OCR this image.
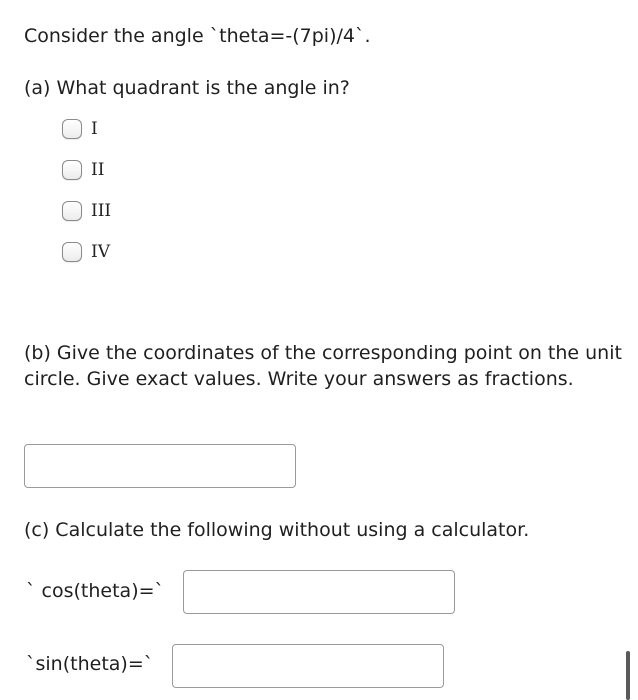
Consider the angle `theta=-(7pi)/4`.
(a) What quadrant is the angle in?
I
II
III
IV
(b) Give the coordinates of the corresponding point on the unit circle. Give exact values. Write your answers as fractions.
(c) Calculate the following without using a calculator.
` cos(theta)=`
`sin(theta)=`
